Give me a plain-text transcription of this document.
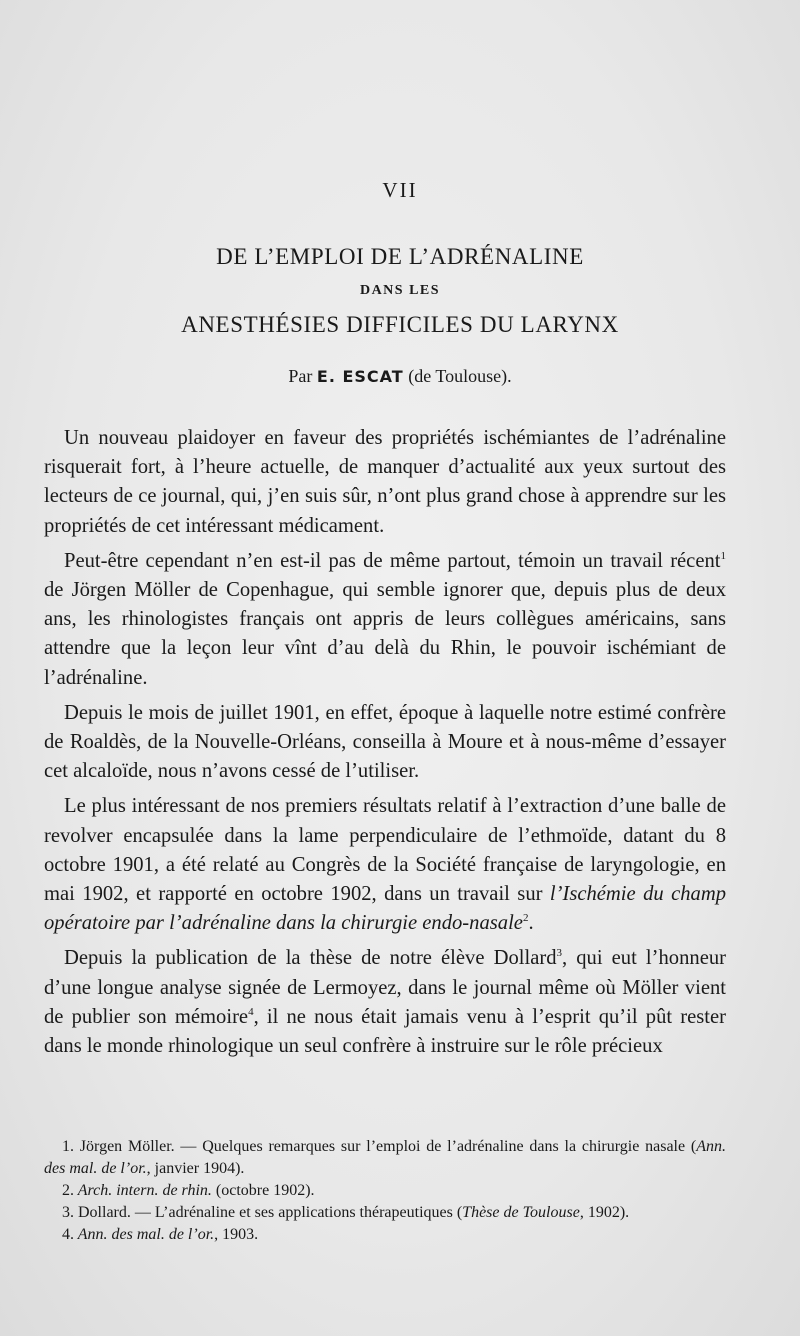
VII
DE L’EMPLOI DE L’ADRÉNALINE
DANS LES
ANESTHÉSIES DIFFICILES DU LARYNX
Par E. ESCAT (de Toulouse).

Un nouveau plaidoyer en faveur des propriétés ischémiantes de l’adrénaline risquerait fort, à l’heure actuelle, de manquer d’actualité aux yeux surtout des lecteurs de ce journal, qui, j’en suis sûr, n’ont plus grand chose à apprendre sur les propriétés de cet intéressant médicament.

Peut-être cependant n’en est-il pas de même partout, témoin un travail récent$^1$ de Jörgen Möller de Copenhague, qui semble ignorer que, depuis plus de deux ans, les rhinologistes français ont appris de leurs collègues américains, sans attendre que la leçon leur vînt d’au delà du Rhin, le pouvoir ischémiant de l’adrénaline.

Depuis le mois de juillet 1901, en effet, époque à laquelle notre estimé confrère de Roaldès, de la Nouvelle-Orléans, conseilla à Moure et à nous-même d’essayer cet alcaloïde, nous n’avons cessé de l’utiliser.

Le plus intéressant de nos premiers résultats relatif à l’extraction d’une balle de revolver encapsulée dans la lame perpendiculaire de l’ethmoïde, datant du 8 octobre 1901, a été relaté au Congrès de la Société française de laryngologie, en mai 1902, et rapporté en octobre 1902, dans un travail sur l’Ischémie du champ opératoire par l’adrénaline dans la chirurgie endo-nasale$^2$.

Depuis la publication de la thèse de notre élève Dollard$^3$, qui eut l’honneur d’une longue analyse signée de Lermoyez, dans le journal même où Möller vient de publier son mémoire$^4$, il ne nous était jamais venu à l’esprit qu’il pût rester dans le monde rhinologique un seul confrère à instruire sur le rôle précieux

1. Jörgen Möller. — Quelques remarques sur l’emploi de l’adrénaline dans la chirurgie nasale (Ann. des mal. de l’or., janvier 1904).

2. Arch. intern. de rhin. (octobre 1902).

3. Dollard. — L’adrénaline et ses applications thérapeutiques (Thèse de Toulouse, 1902).

4. Ann. des mal. de l’or., 1903.
